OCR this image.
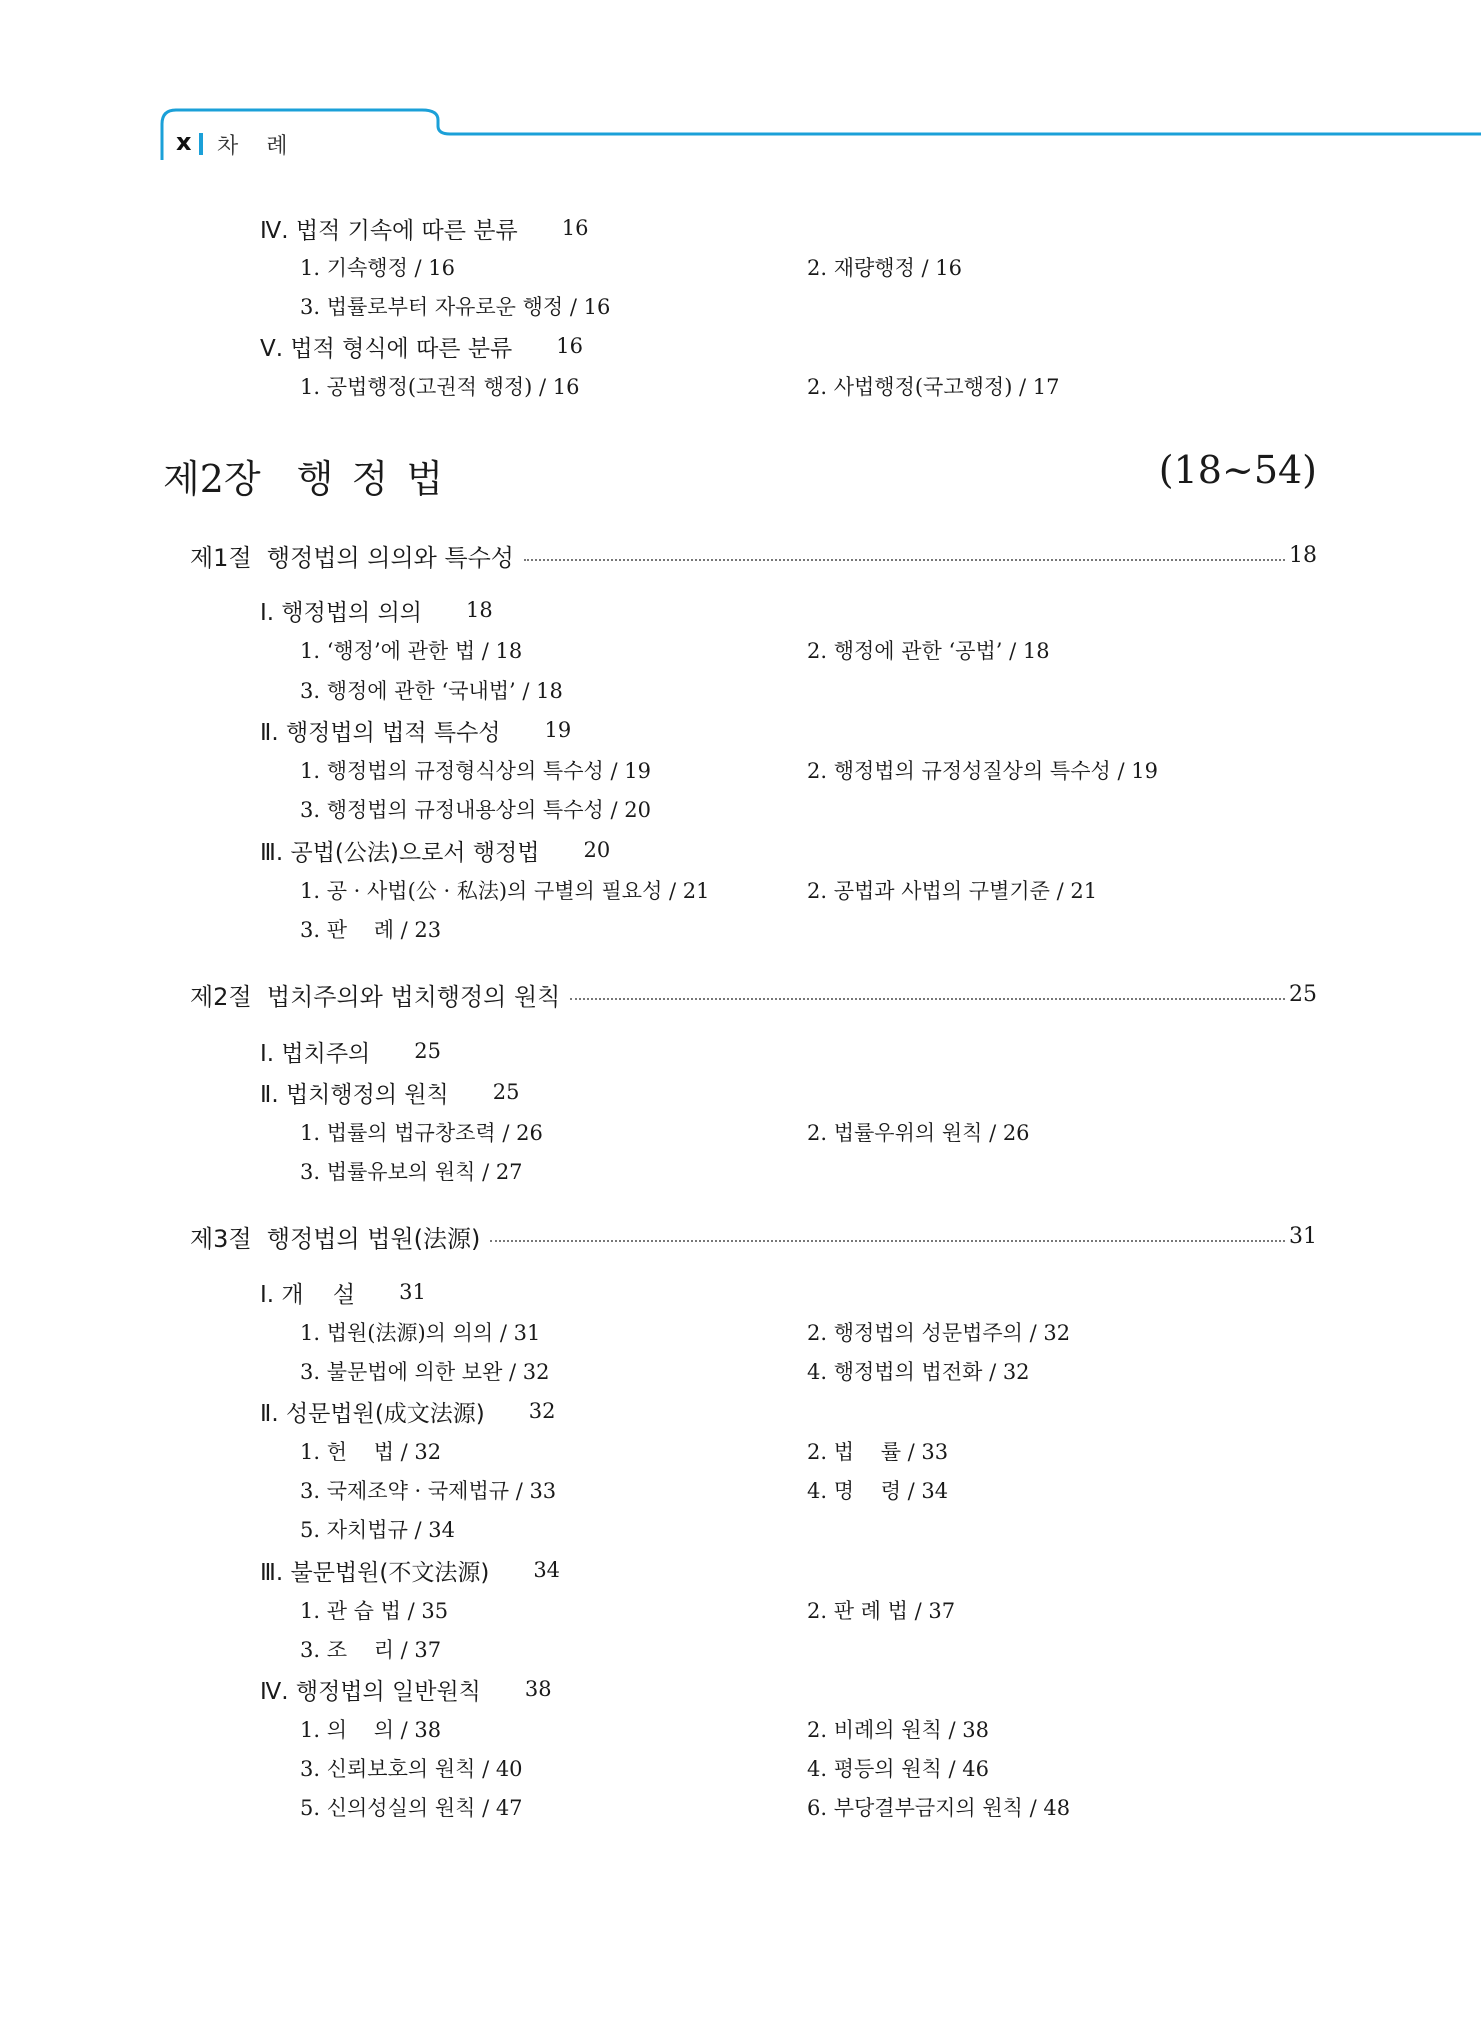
x 차례
Ⅳ. 법적 기속에 따른 분류 16
1. 기속행정 / 16	2. 재량행정 / 16
3. 법률로부터 자유로운 행정 / 16
Ⅴ. 법적 형식에 따른 분류 16
1. 공법행정(고권적 행정) / 16	2. 사법행정(국고행정) / 17
제2장  행 정 법	(18~54)
제1절  행정법의 의의와 특수성	18
Ⅰ. 행정법의 의의 18
1. ‘행정’에 관한 법 / 18	2. 행정에 관한 ‘공법’ / 18
3. 행정에 관한 ‘국내법’ / 18
Ⅱ. 행정법의 법적 특수성 19
1. 행정법의 규정형식상의 특수성 / 19	2. 행정법의 규정성질상의 특수성 / 19
3. 행정법의 규정내용상의 특수성 / 20
Ⅲ. 공법(公法)으로서 행정법 20
1. 공 · 사법(公 · 私法)의 구별의 필요성 / 21	2. 공법과 사법의 구별기준 / 21
3. 판    례 / 23
제2절  법치주의와 법치행정의 원칙	25
Ⅰ. 법치주의 25
Ⅱ. 법치행정의 원칙 25
1. 법률의 법규창조력 / 26	2. 법률우위의 원칙 / 26
3. 법률유보의 원칙 / 27
제3절  행정법의 법원(法源)	31
Ⅰ. 개    설 31
1. 법원(法源)의 의의 / 31	2. 행정법의 성문법주의 / 32
3. 불문법에 의한 보완 / 32	4. 행정법의 법전화 / 32
Ⅱ. 성문법원(成文法源) 32
1. 헌    법 / 32	2. 법    률 / 33
3. 국제조약 · 국제법규 / 33	4. 명    령 / 34
5. 자치법규 / 34
Ⅲ. 불문법원(不文法源) 34
1. 관 습 법 / 35	2. 판 례 법 / 37
3. 조    리 / 37
Ⅳ. 행정법의 일반원칙 38
1. 의    의 / 38	2. 비례의 원칙 / 38
3. 신뢰보호의 원칙 / 40	4. 평등의 원칙 / 46
5. 신의성실의 원칙 / 47	6. 부당결부금지의 원칙 / 48
